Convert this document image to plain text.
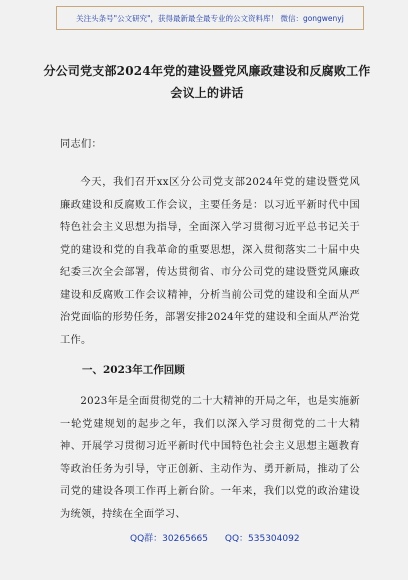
关注头条号"公文研究"，获得最新最全最专业的公文资料库！ 微信：gongwenyj
分公司党支部2024年党的建设暨党风廉政建设和反腐败工作会议上的讲话
同志们：
今天，我们召开xx区分公司党支部2024年党的建设暨党风廉政建设和反腐败工作会议，主要任务是：以习近平新时代中国特色社会主义思想为指导，全面深入学习贯彻习近平总书记关于党的建设和党的自我革命的重要思想，深入贯彻落实二十届中央纪委三次全会部署，传达贯彻省、市分公司党的建设暨党风廉政建设和反腐败工作会议精神，分析当前公司党的建设和全面从严治党面临的形势任务，部署安排2024年党的建设和全面从严治党工作。
一、2023年工作回顾
2023年是全面贯彻党的二十大精神的开局之年，也是实施新一轮党建规划的起步之年，我们以深入学习贯彻党的二十大精神、开展学习贯彻习近平新时代中国特色社会主义思想主题教育等政治任务为引导，守正创新、主动作为、勇开新局，推动了公司党的建设各项工作再上新台阶。一年来，我们以党的政治建设为统领，持续在全面学习、
QQ群：30265665 QQ：535304092
